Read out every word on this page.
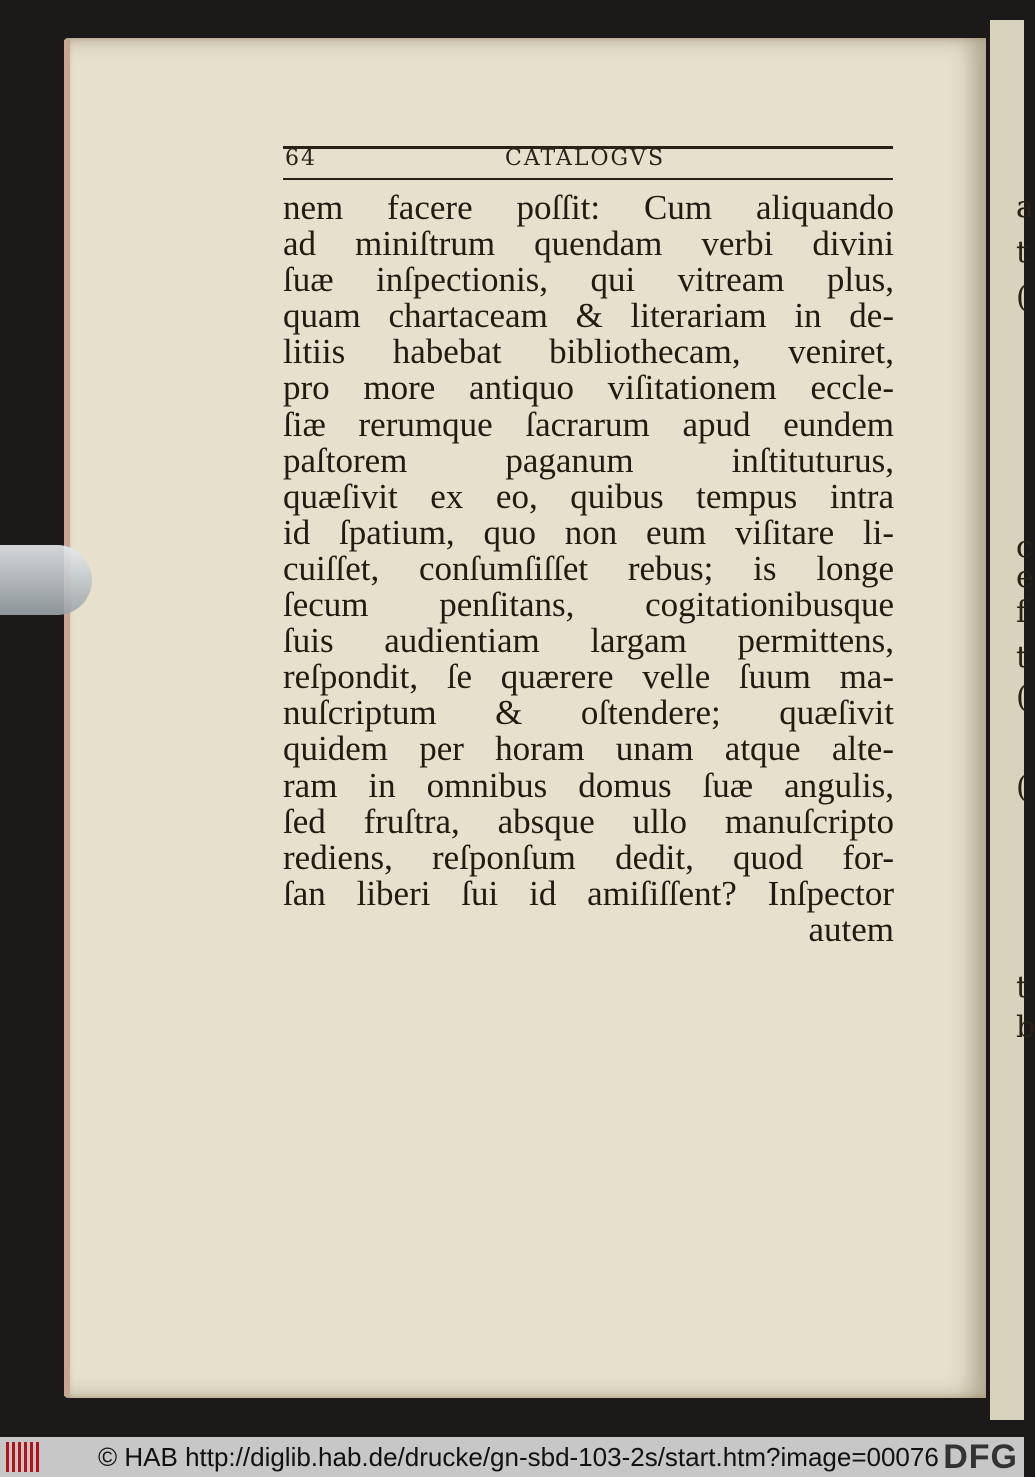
a
t
(
c
e
f
t
(
(
t
b
64	CATALOGVS
nem facere poſſit: Cum aliquando
ad miniſtrum quendam verbi divini
ſuæ inſpectionis, qui vitream plus,
quam chartaceam & literariam in de-
litiis habebat bibliothecam, veniret,
pro more antiquo viſitationem eccle-
ſiæ rerumque ſacrarum apud eundem
paſtorem paganum inſtituturus,
quæſivit ex eo, quibus tempus intra
id ſpatium, quo non eum viſitare li-
cuiſſet, conſumſiſſet rebus; is longe
ſecum penſitans, cogitationibusque
ſuis audientiam largam permittens,
reſpondit, ſe quærere velle ſuum ma-
nuſcriptum & oſtendere; quæſivit
quidem per horam unam atque alte-
ram in omnibus domus ſuæ angulis,
ſed fruſtra, absque ullo manuſcripto
rediens, reſponſum dedit, quod for-
ſan liberi ſui id amiſiſſent? Inſpector
autem
© HAB http://diglib.hab.de/drucke/gn-sbd-103-2s/start.htm?image=00076 DFG
